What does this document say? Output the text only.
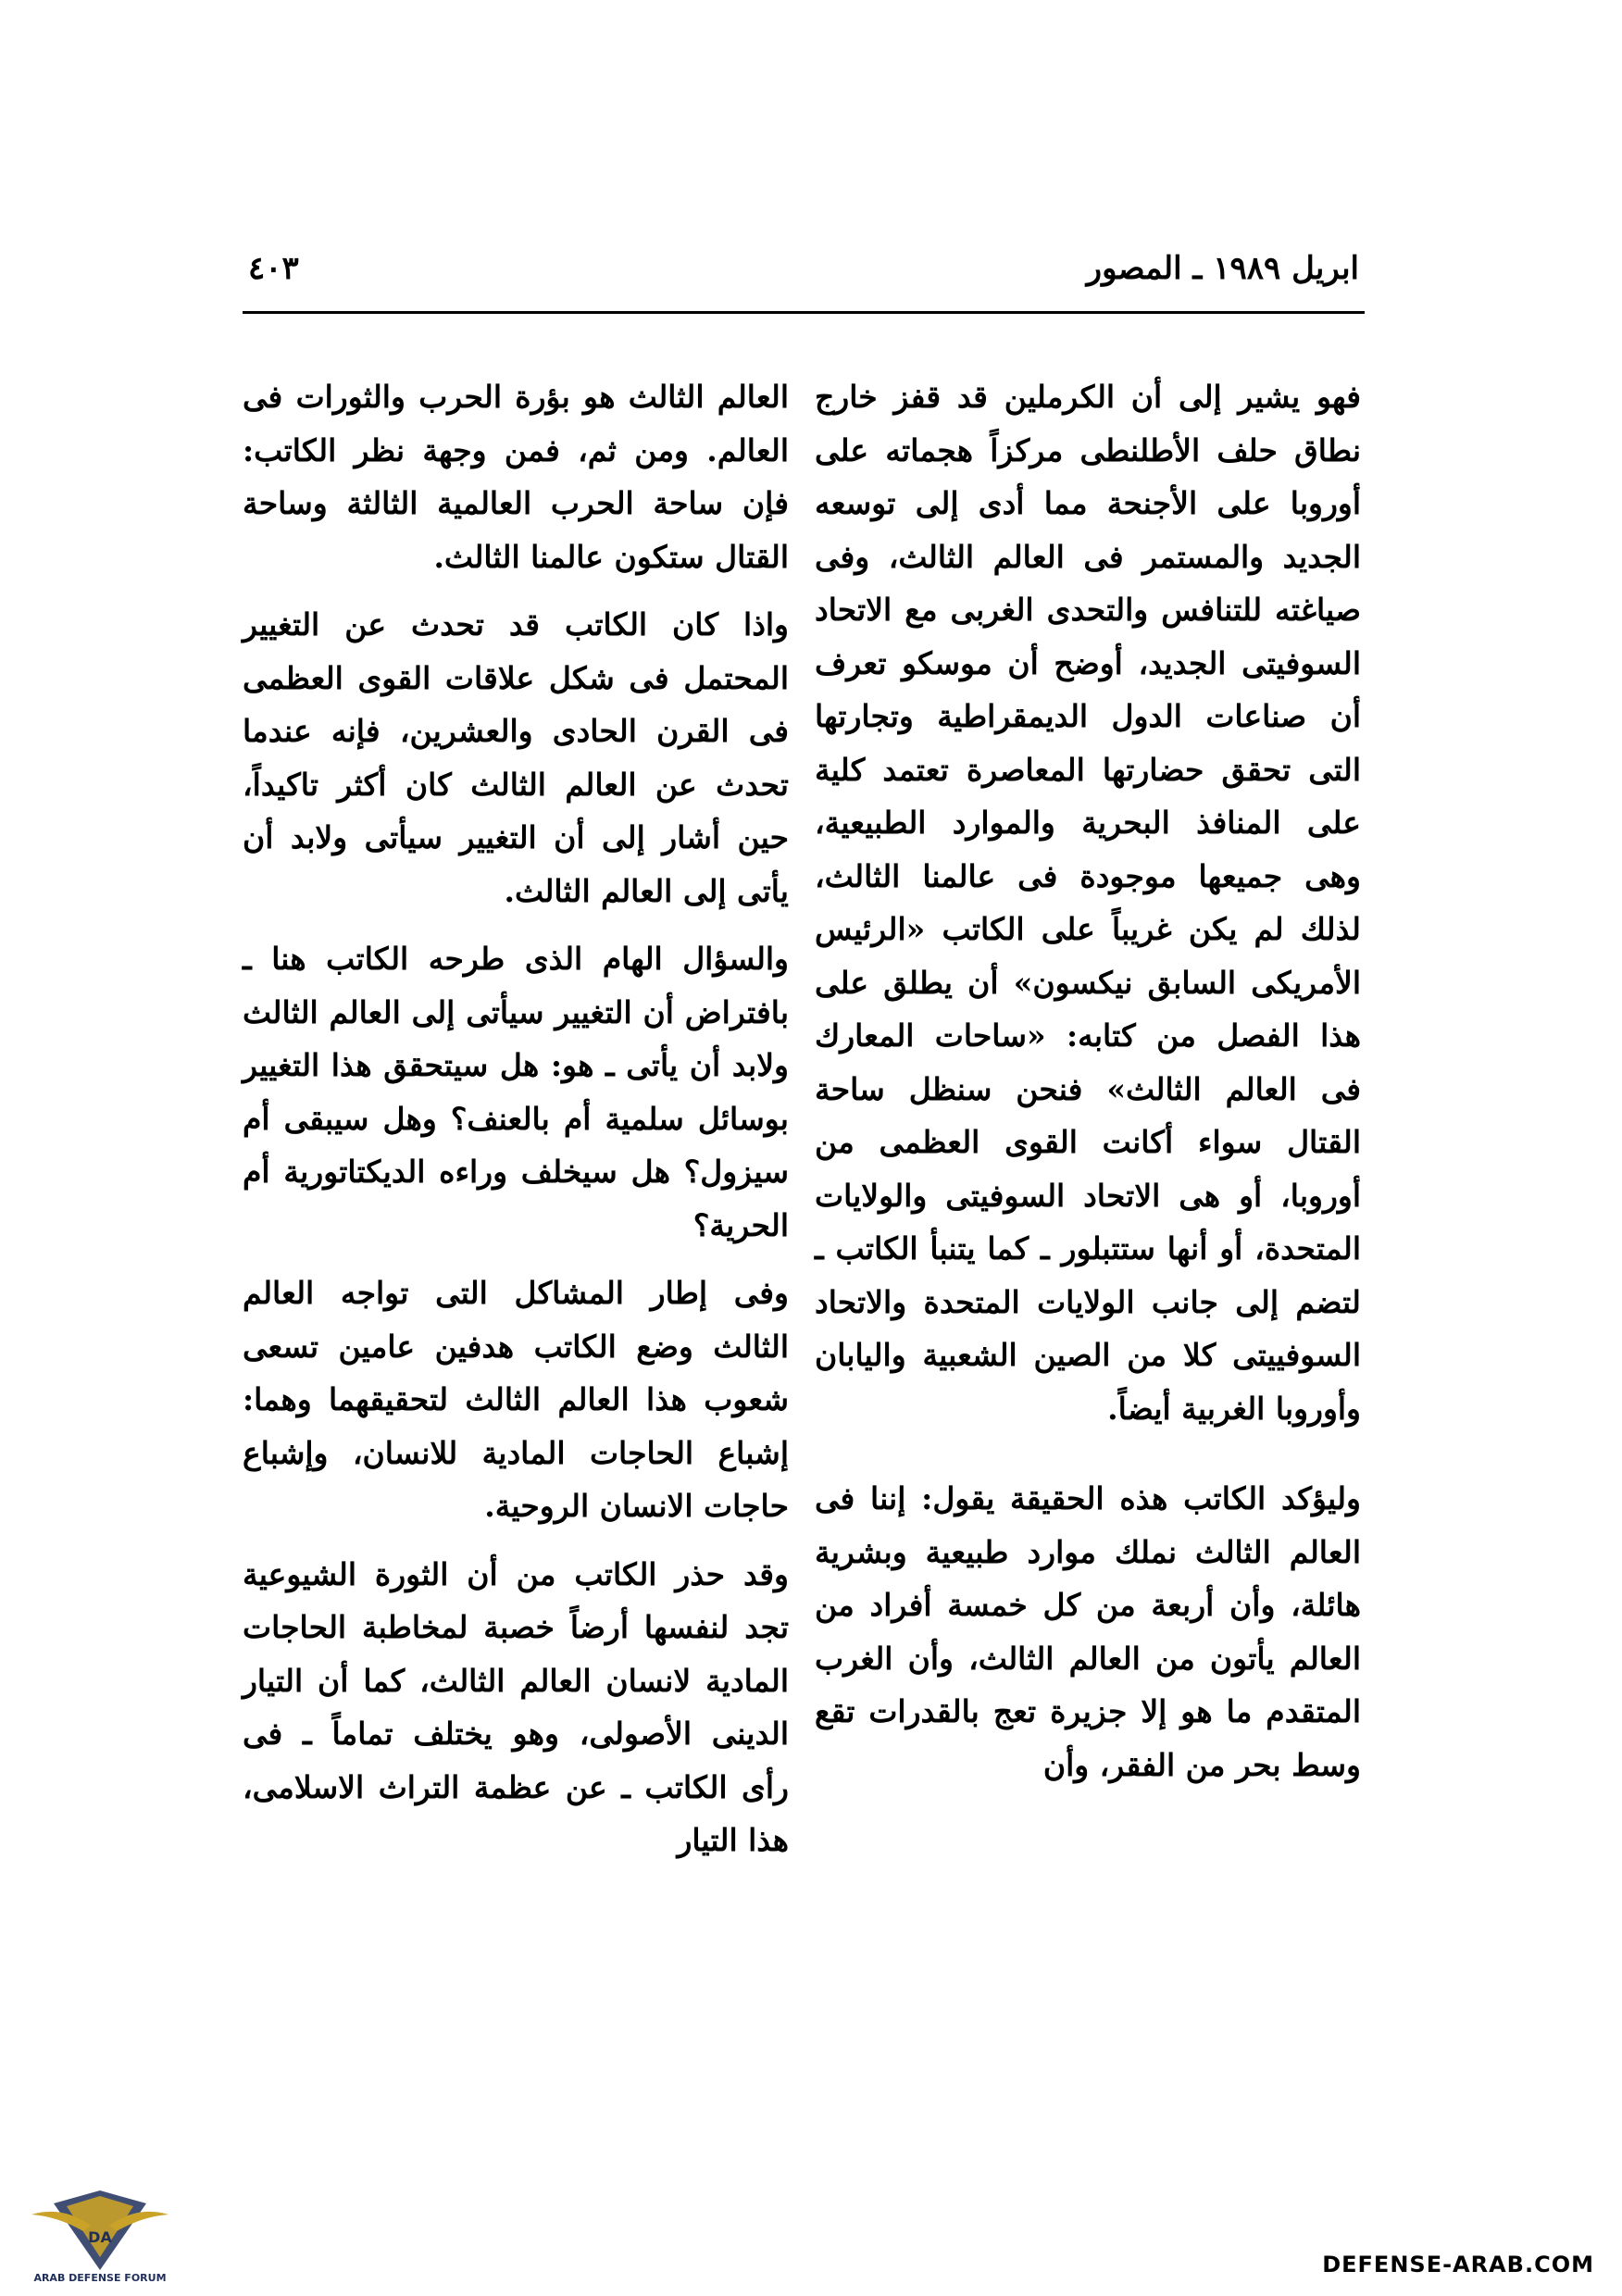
ابريل ١٩٨٩ ـ المصور
٤٠٣

فهو يشير إلى أن الكرملين قد قفز خارج نطاق حلف الأطلنطى مركزاً هجماته على أوروبا على الأجنحة مما أدى إلى توسعه الجديد والمستمر فى العالم الثالث، وفى صياغته للتنافس والتحدى الغربى مع الاتحاد السوفيتى الجديد، أوضح أن موسكو تعرف أن صناعات الدول الديمقراطية وتجارتها التى تحقق حضارتها المعاصرة تعتمد كلية على المنافذ البحرية والموارد الطبيعية، وهى جميعها موجودة فى عالمنا الثالث، لذلك لم يكن غريباً على الكاتب «الرئيس الأمريكى السابق نيكسون» أن يطلق على هذا الفصل من كتابه: «ساحات المعارك فى العالم الثالث» فنحن سنظل ساحة القتال سواء أكانت القوى العظمى من أوروبا، أو هى الاتحاد السوفيتى والولايات المتحدة، أو أنها ستتبلور ـ كما يتنبأ الكاتب ـ لتضم إلى جانب الولايات المتحدة والاتحاد السوفييتى كلا من الصين الشعبية واليابان وأوروبا الغربية أيضاً.

وليؤكد الكاتب هذه الحقيقة يقول: إننا فى العالم الثالث نملك موارد طبيعية وبشرية هائلة، وأن أربعة من كل خمسة أفراد من العالم يأتون من العالم الثالث، وأن الغرب المتقدم ما هو إلا جزيرة تعج بالقدرات تقع وسط بحر من الفقر، وأن

العالم الثالث هو بؤرة الحرب والثورات فى العالم. ومن ثم، فمن وجهة نظر الكاتب: فإن ساحة الحرب العالمية الثالثة وساحة القتال ستكون عالمنا الثالث.

واذا كان الكاتب قد تحدث عن التغيير المحتمل فى شكل علاقات القوى العظمى فى القرن الحادى والعشرين، فإنه عندما تحدث عن العالم الثالث كان أكثر تاكيداً، حين أشار إلى أن التغيير سيأتى ولابد أن يأتى إلى العالم الثالث.

والسؤال الهام الذى طرحه الكاتب هنا ـ بافتراض أن التغيير سيأتى إلى العالم الثالث ولابد أن يأتى ـ هو: هل سيتحقق هذا التغيير بوسائل سلمية أم بالعنف؟ وهل سيبقى أم سيزول؟ هل سيخلف وراءه الديكتاتورية أم الحرية؟

وفى إطار المشاكل التى تواجه العالم الثالث وضع الكاتب هدفين عامين تسعى شعوب هذا العالم الثالث لتحقيقهما وهما: إشباع الحاجات المادية للانسان، وإشباع حاجات الانسان الروحية.

وقد حذر الكاتب من أن الثورة الشيوعية تجد لنفسها أرضاً خصبة لمخاطبة الحاجات المادية لانسان العالم الثالث، كما أن التيار الدينى الأصولى، وهو يختلف تماماً ـ فى رأى الكاتب ـ عن عظمة التراث الاسلامى، هذا التيار

DA
ARAB DEFENSE FORUM
DEFENSE-ARAB.COM
